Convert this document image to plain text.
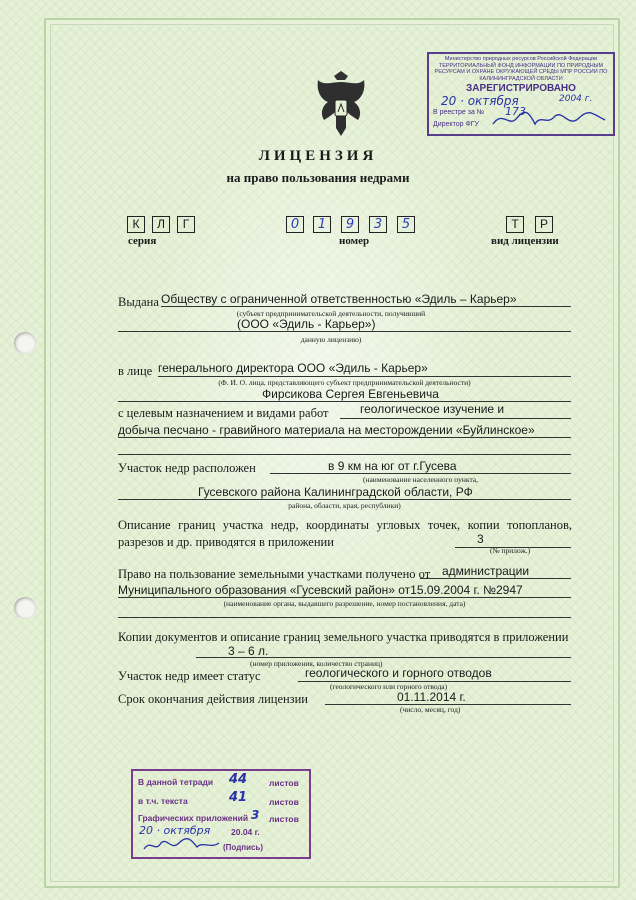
Министерство природных ресурсов Российской Федерации ТЕРРИТОРИАЛЬНЫЙ ФОНД ИНФОРМАЦИИ ПО ПРИРОДНЫМ РЕСУРСАМ И ОХРАНЕ ОКРУЖАЮЩЕЙ СРЕДЫ МПР РОССИИ ПО КАЛИНИНГРАДСКОЙ ОБЛАСТИ
ЗАРЕГИСТРИРОВАНО
20 · октября	2004 г.
В реестре за № 173
Директор ФГУ
ЛИЦЕНЗИЯ
на право пользования недрами
К	Л	Г	0	1	9	3	5	Т	Р
серия	номер	вид лицензии
Выдана Обществу с ограниченной ответственностью «Эдиль – Карьер»
(субъект предпринимательской деятельности, получивший
(ООО «Эдиль - Карьер»)
данную лицензию)
в лице генерального директора ООО «Эдиль - Карьер»
(Ф. И. О. лица, представляющего субъект предпринимательской деятельности)
Фирсикова Сергея Евгеньевича
с целевым назначением и видами работ	геологическое изучение и
добыча песчано - гравийного материала на месторождении «Буйлинское»
Участок недр расположен	в 9 км на юг от г.Гусева
(наименование населенного пункта,
Гусевского района Калининградской области, РФ
района, области, края, республики)
Описание границ участка недр, координаты угловых точек, копии топопланов, разрезов и др. приводятся в приложении	3
(№ прилож.)
Право на пользование земельными участками получено от администрации
Муниципального образования «Гусевский район» от15.09.2004 г. №2947
(наименование органа, выдавшего разрешение, номер постановления, дата)
Копии документов и описание границ земельного участка приводятся в приложении
3 – 6 л.
(номер приложения, количество страниц)
Участок недр имеет статус	геологического и горного отводов
(геологического или горного отвода)
Срок окончания действия лицензии	01.11.2014 г.
(число, месяц, год)
В данной тетради 44	листов
в т.ч. текста	41	листов
Графических приложений 3 листов
20 · октября 20.04 г.
(Подпись)
